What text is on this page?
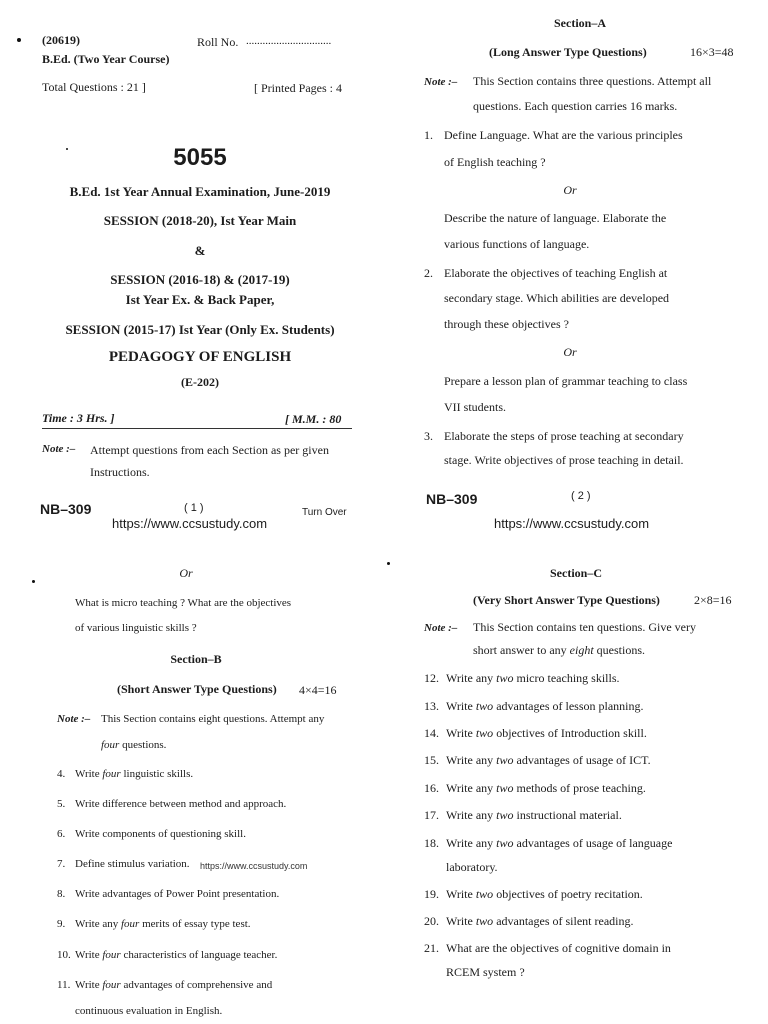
(20619)	Roll No. ...............................
B.Ed. (Two Year Course)
Total Questions : 21 ]	[ Printed Pages : 4
5055
B.Ed. 1st Year Annual Examination, June-2019
SESSION (2018-20), Ist Year Main
&
SESSION (2016-18) & (2017-19)
Ist Year Ex. & Back Paper,
SESSION (2015-17) Ist Year (Only Ex. Students)
PEDAGOGY OF ENGLISH
(E-202)
Time : 3 Hrs. ]	[ M.M. : 80
Note :– Attempt questions from each Section as per given
Instructions.
NB–309	( 1 )	Turn Over
https://www.ccsustudy.com
Section–A
(Long Answer Type Questions)	16×3=48
Note :– This Section contains three questions. Attempt all
questions. Each question carries 16 marks.
1. Define Language. What are the various principles
of English teaching ?
Or
Describe the nature of language. Elaborate the
various functions of language.
2. Elaborate the objectives of teaching English at
secondary stage. Which abilities are developed
through these objectives ?
Or
Prepare a lesson plan of grammar teaching to class
VII students.
3. Elaborate the steps of prose teaching at secondary
stage. Write objectives of prose teaching in detail.
NB–309	( 2 )
https://www.ccsustudy.com
Or
What is micro teaching ? What are the objectives
of various linguistic skills ?
Section–B
(Short Answer Type Questions) 4×4=16
Note :– This Section contains eight questions. Attempt any
four questions.
4. Write four linguistic skills.
5. Write difference between method and approach.
6. Write components of questioning skill.
7. Define stimulus variation. https://www.ccsustudy.com
8. Write advantages of Power Point presentation.
9. Write any four merits of essay type test.
10. Write four characteristics of language teacher.
11. Write four advantages of comprehensive and
continuous evaluation in English.
Section–C
(Very Short Answer Type Questions)	2×8=16
Note :– This Section contains ten questions. Give very
short answer to any eight questions.
12. Write any two micro teaching skills.
13. Write two advantages of lesson planning.
14. Write two objectives of Introduction skill.
15. Write any two advantages of usage of ICT.
16. Write any two methods of prose teaching.
17. Write any two instructional material.
18. Write any two advantages of usage of language
laboratory.
19. Write two objectives of poetry recitation.
20. Write two advantages of silent reading.
21. What are the objectives of cognitive domain in
RCEM system ?
